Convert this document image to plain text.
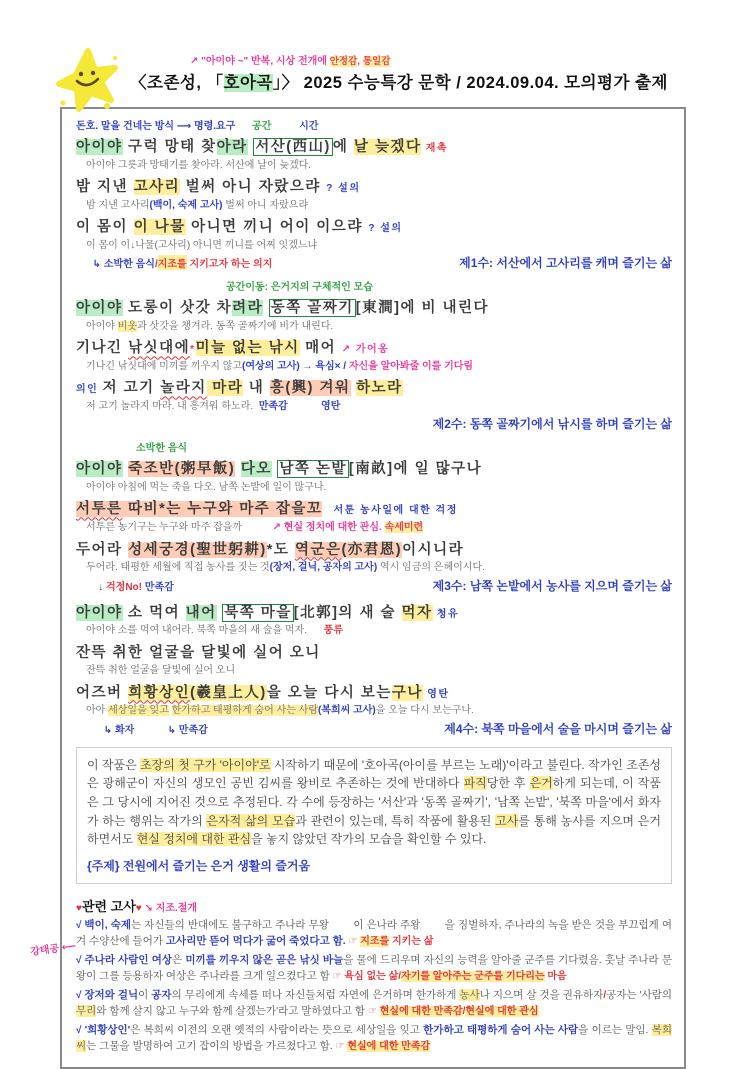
↗ "아이야 ~" 반복, 시상 전개에 안정감, 통일감
〈조존성, 「호아곡」〉 2025 수능특강 문학 / 2024.09.04. 모의평가 출제
돈호. 말을 건네는 방식 ⟶ 명령.요구 공간	시간
아이야 구럭 망태 찾아라 서산(西山) 에 날 늦겠다 재촉
아이야 그릇과 망태기를 찾아라. 서산에 날이 늦겠다.
밤 지낸 고사리 벌써 아니 자랐으랴 ? 설의
밤 지낸 고사리(백이, 숙제 고사) 벌써 아니 자랐으랴
이 몸이 이 나물 아니면 끼니 어이 이으랴 ? 설의
이 몸이 이↓나물(고사리) 아니면 끼니를 어찌 잇겠느냐
↳ 소박한 음식 / 지조를 지키고자 하는 의지	제1수: 서산에서 고사리를 캐며 즐기는 삶
공간이동: 은거지의 구체적인 모습
아이야 도롱이 삿갓 차려라 동쪽 골짜기 [東澗]에 비 내린다
아이야 비옷과 삿갓을 챙겨라. 동쪽 골짜기에 비가 내린다.
기나긴 낚싯대에*미늘 없는 낚시 매어 ↗ 가어옹
기나긴 낚싯대에 미끼를 끼우지 않고(여상의 고사) → 욕심× / 자신을 알아봐줄 이를 기다림
의인 저 고기 놀라지 마라 내 흥(興) 겨워 하노라
저 고기 놀라지 마라. 내 흥겨워 하노라.  만족감	영탄
제2수: 동쪽 골짜기에서 낚시를 하며 즐기는 삶
소박한 음식
아이야 죽조반(粥早飯) 다오 남쪽 논밭 [南畝]에 일 많구나
아이야 아침에 먹는 죽을 다오. 남쪽 논밭에 일이 많구나.
서투른 따비*는 누구와 마주 잡을꼬 서툰 농사일에 대한 걱정
서투른 농기구는 누구와 마주 잡을까           ↗ 현실 정치에 대한 관심. 속세미련
두어라 성세궁경(聖世躬耕)*도 역군은(亦君恩)이시니라
두어라. 태평한 세월에 직접 농사를 짓는 것(장저, 걸닉, 공자의 고사) 역시 임금의 은혜이시다.
↓ 걱정No! 만족감	제3수: 남쪽 논밭에서 농사를 지으며 즐기는 삶
아이야 소 먹여 내어 북쪽 마을 [北郭]의 새 술 먹자 청유
아이야 소를 먹여 내어라. 북쪽 마을의 새 술을 먹자.      풍류
잔뜩 취한 얼굴을 달빛에 실어 오니
잔뜩 취한 얼굴을 달빛에 실어 오니
어즈버 희황상인(羲皇上人)을 오늘 다시 보는구나 영탄
아아 세상일을 잊고 한가하고 태평하게 숨어 사는 사람(복희씨 고사)을 오늘 다시 보는구나.
↳ 화자
	↳ 만족감	제4수: 북쪽 마을에서 술을 마시며 즐기는 삶
이 작품은 초장의 첫 구가 '아이야'로 시작하기 때문에 '호아곡(아이를 부르는 노래)'이라고 불린다. 작가인 조존성은 광해군이 자신의 생모인 공빈 김씨를 왕비로 추존하는 것에 반대하다 파직당한 후 은거하게 되는데, 이 작품은 그 당시에 지어진 것으로 추정된다. 각 수에 등장하는 '서산'과 '동쪽 골짜기', '남쪽 논밭', '북쪽 마을'에서 화자가 하는 행위는 작가의 은자적 삶의 모습과 관련이 있는데, 특히 작품에 활용된 고사를 통해 농사를 지으며 은거하면서도 현실 정치에 대한 관심을 놓지 않았던 작가의 모습을 확인할 수 있다.
{주제} 전원에서 즐기는 은거 생활의 즐거움
강태공 ⟵
♥관련 고사♥ ↘ 지조.절개
√ 백이, 숙제는 자신들의 반대에도 불구하고 주나라 무왕        이 은나라 주왕        을 징벌하자, 주나라의 녹을 받은 것을 부끄럽게 여겨 수양산에 들어가 고사리만 뜯어 먹다가 굶어 죽었다고 함. ☞ 지조를 지키는 삶
√ 주나라 사람인 여상은 미끼를 끼우지 않은 곧은 낚싯 바늘을 물에 드리우며 자신의 능력을 알아줄 군주를 기다렸음. 훗날 주나라 문왕이 그를 등용하자 여상은 주나라를 크게 일으켰다고 함 ☞ 욕심 없는 삶/자기를 알아주는 군주를 기다리는 마음
√ 장저와 걸닉이 공자의 무리에게 속세를 떠나 자신들처럼 자연에 은거하며 한가하게 농사나 지으며 살 것을 권유하자/공자는 '사람의 무리와 함께 살지 않고 누구와 함께 살겠는가'라고 말하였다고 함 ☞ 현실에 대한 만족감/현실에 대한 관심
√ '희황상인'은 복희씨 이전의 오랜 옛적의 사람이라는 뜻으로 세상일을 잊고 한가하고 태평하게 숨어 사는 사람을 이르는 말임. 복희씨는 그물을 발명하여 고기 잡이의 방법을 가르쳤다고 함. ☞ 현실에 대한 만족감
